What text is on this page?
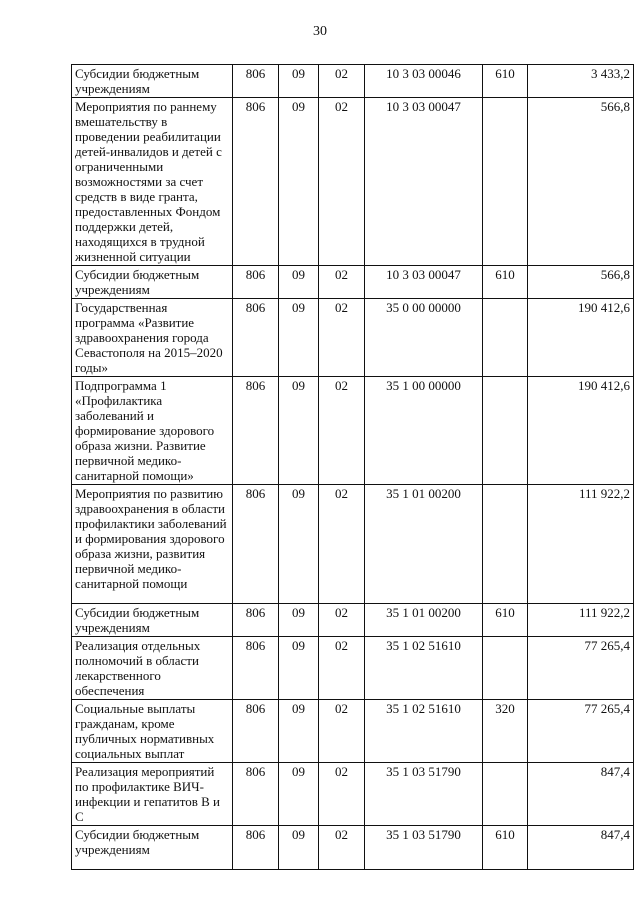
30
Субсидии бюджетным учреждениям	806	09	02	10 3 03 00046	610	3 433,2
Мероприятия по раннему вмешательству в проведении реабилитации детей-инвалидов и детей с ограниченными возможностями за счет средств в виде гранта, предоставленных Фондом поддержки детей, находящихся в трудной жизненной ситуации	806	09	02	10 3 03 00047		566,8
Субсидии бюджетным учреждениям	806	09	02	10 3 03 00047	610	566,8
Государственная программа «Развитие здравоохранения города Севастополя на 2015–2020 годы»	806	09	02	35 0 00 00000		190 412,6
Подпрограмма 1 «Профилактика заболеваний и формирование здорового образа жизни. Развитие первичной медико-санитарной помощи»	806	09	02	35 1 00 00000		190 412,6
Мероприятия по развитию здравоохранения в области профилактики заболеваний и формирования здорового образа жизни, развития первичной медико-санитарной помощи	806	09	02	35 1 01 00200		111 922,2
Субсидии бюджетным учреждениям	806	09	02	35 1 01 00200	610	111 922,2
Реализация отдельных полномочий в области лекарственного обеспечения	806	09	02	35 1 02 51610		77 265,4
Социальные выплаты гражданам, кроме публичных нормативных социальных выплат	806	09	02	35 1 02 51610	320	77 265,4
Реализация мероприятий по профилактике ВИЧ-инфекции и гепатитов B и C	806	09	02	35 1 03 51790		847,4
Субсидии бюджетным учреждениям	806	09	02	35 1 03 51790	610	847,4
